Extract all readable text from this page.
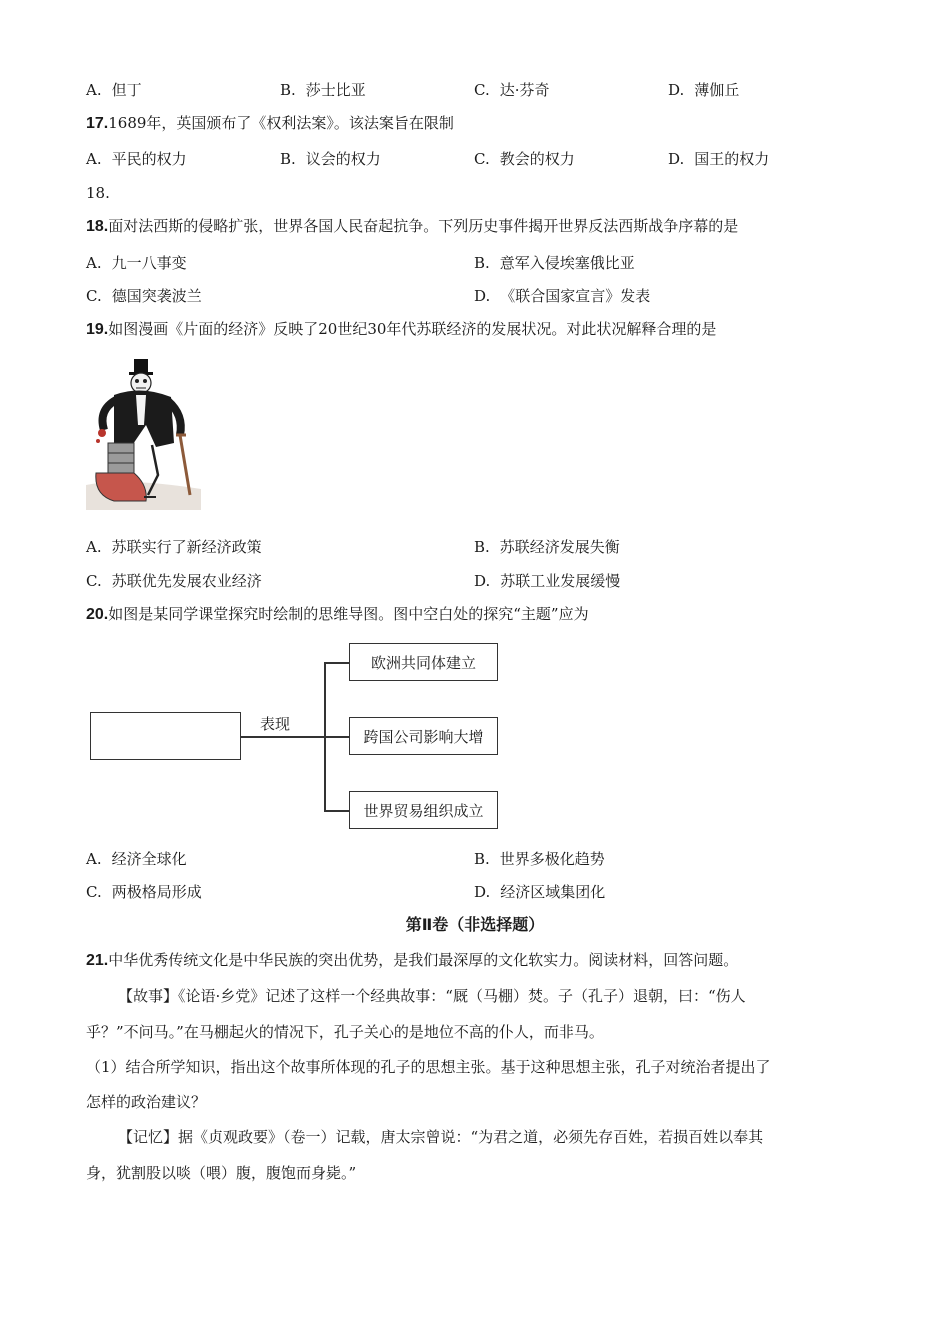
A. 但丁	B. 莎士比亚	C. 达·芬奇	D. 薄伽丘
17.1689年，英国颁布了《权利法案》。该法案旨在限制
A. 平民的权力	B. 议会的权力	C. 教会的权力	D. 国王的权力
18.
18.面对法西斯的侵略扩张，世界各国人民奋起抗争。下列历史事件揭开世界反法西斯战争序幕的是
A. 九一八事变	B. 意军入侵埃塞俄比亚
C. 德国突袭波兰	D. 《联合国家宣言》发表
19.如图漫画《片面的经济》反映了20世纪30年代苏联经济的发展状况。对此状况解释合理的是
A. 苏联实行了新经济政策	B. 苏联经济发展失衡
C. 苏联优先发展农业经济	D. 苏联工业发展缓慢
20.如图是某同学课堂探究时绘制的思维导图。图中空白处的探究“主题”应为
表现
欧洲共同体建立
跨国公司影响大增
世界贸易组织成立
A. 经济全球化	B. 世界多极化趋势
C. 两极格局形成	D. 经济区域集团化
第Ⅱ卷（非选择题）
21.中华优秀传统文化是中华民族的突出优势，是我们最深厚的文化软实力。阅读材料，回答问题。
【故事】《论语·乡党》记述了这样一个经典故事：“厩（马棚）焚。子（孔子）退朝，曰：“伤人
乎？”不问马。”在马棚起火的情况下，孔子关心的是地位不高的仆人，而非马。
（1）结合所学知识，指出这个故事所体现的孔子的思想主张。基于这种思想主张，孔子对统治者提出了
怎样的政治建议？
【记忆】据《贞观政要》（卷一）记载，唐太宗曾说：“为君之道，必须先存百姓，若损百姓以奉其
身，犹割股以啖（喂）腹，腹饱而身毙。”
